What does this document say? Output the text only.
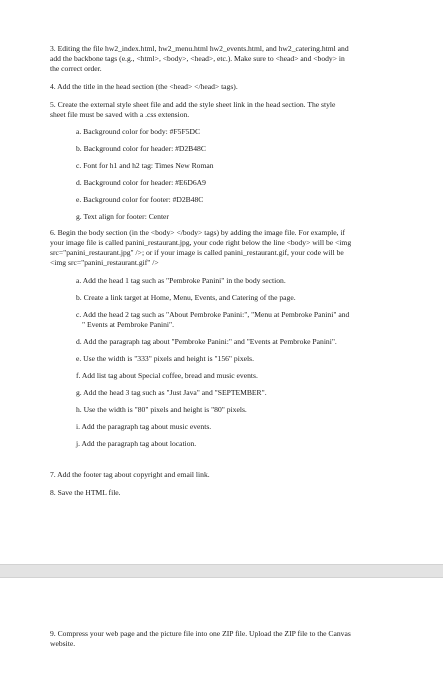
3. Editing the file hw2_index.html, hw2_menu.html hw2_events.html, and hw2_catering.html and
add the backbone tags (e.g., <html>, <body>, <head>, etc.). Make sure to <head> and <body> in
the correct order.
4. Add the title in the head section (the <head> </head> tags).
5. Create the external style sheet file and add the style sheet link in the head section. The style
sheet file must be saved with a .css extension.
a. Background color for body: #F5F5DC
b. Background color for header: #D2B48C
c. Font for h1 and h2 tag: Times New Roman
d. Background color for header: #E6D6A9
e. Background color for footer: #D2B48C
g. Text align for footer: Center
6. Begin the body section (in the <body> </body> tags) by adding the image file. For example, if
your image file is called panini_restaurant.jpg, your code right below the line <body> will be <img
src="panini_restaurant.jpg" />; or if your image is called panini_restaurant.gif, your code will be
<img src="panini_restaurant.gif" />
a. Add the head 1 tag such as "Pembroke Panini" in the body section.
b. Create a link target at Home, Menu, Events, and Catering of the page.
c. Add the head 2 tag such as "About Pembroke Panini:", "Menu at Pembroke Panini" and
" Events at Pembroke Panini".
d. Add the paragraph tag about "Pembroke Panini:" and "Events at Pembroke Panini".
e. Use the width is "333" pixels and height is "156" pixels.
f. Add list tag about Special coffee, bread and music events.
g. Add the head 3 tag such as "Just Java" and "SEPTEMBER".
h. Use the width is "80" pixels and height is "80" pixels.
i. Add the paragraph tag about music events.
j. Add the paragraph tag about location.
7. Add the footer tag about copyright and email link.
8. Save the HTML file.
9. Compress your web page and the picture file into one ZIP file. Upload the ZIP file to the Canvas
website.
